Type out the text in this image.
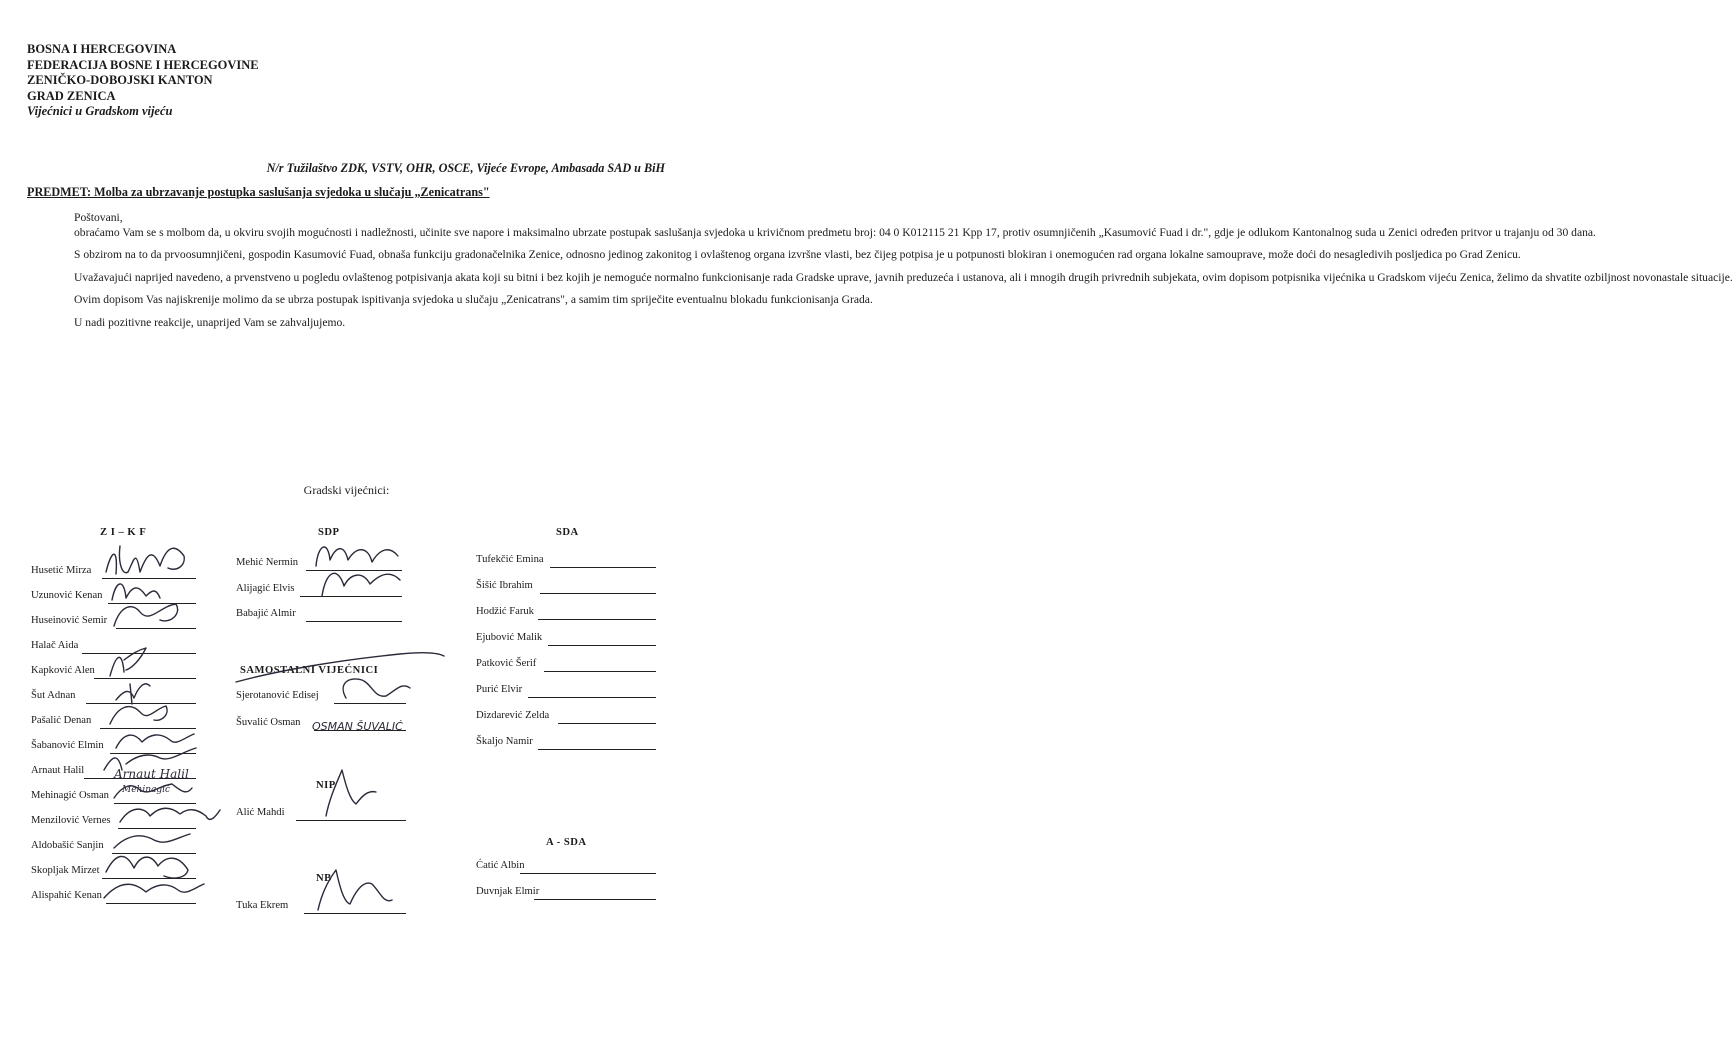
BOSNA I HERCEGOVINA
FEDERACIJA BOSNE I HERCEGOVINE
ZENIČKO-DOBOJSKI KANTON
GRAD ZENICA
Vijećnici u Gradskom vijeću
N/r Tužilaštvo ZDK, VSTV, OHR, OSCE, Vijeće Evrope, Ambasada SAD u BiH
PREDMET: Molba za ubrzavanje postupka saslušanja svjedoka u slučaju „Zenicatrans"

Poštovani,

obraćamo Vam se s molbom da, u okviru svojih mogućnosti i nadležnosti, učinite sve napore i maksimalno ubrzate postupak saslušanja svjedoka u krivičnom predmetu broj: 04 0 K012115 21 Kpp 17, protiv osumnjičenih „Kasumović Fuad i dr.", gdje je odlukom Kantonalnog suda u Zenici određen pritvor u trajanju od 30 dana.

S obzirom na to da prvoosumnjičeni, gospodin Kasumović Fuad, obnaša funkciju gradonačelnika Zenice, odnosno jedinog zakonitog i ovlaštenog organa izvršne vlasti, bez čijeg potpisa je u potpunosti blokiran i onemogućen rad organa lokalne samouprave, može doći do nesagledivih posljedica po Grad Zenicu.

Uvažavajući naprijed navedeno, a prvenstveno u pogledu ovlaštenog potpisivanja akata koji su bitni i bez kojih je nemoguće normalno funkcionisanje rada Gradske uprave, javnih preduzeća i ustanova, ali i mnogih drugih privrednih subjekata, ovim dopisom potpisnika vijećnika u Gradskom vijeću Zenica, želimo da shvatite ozbiljnost novonastale situacije.

Ovim dopisom Vas najiskrenije molimo da se ubrza postupak ispitivanja svjedoka u slučaju „Zenicatrans", a samim tim spriječite eventualnu blokadu funkcionisanja Grada.

U nadi pozitivne reakcije, unaprijed Vam se zahvaljujemo.

Gradski vijećnici:
Z I – K F
Husetić Mirza
Uzunović Kenan
Huseinović Semir
Halač Aida
Kapković Alen
Šut Adnan
Pašalić Denan
Šabanović Elmin
Arnaut Halil
Mehinagić Osman
Menzilović Vernes
Aldobašić Sanjin
Skopljak Mirzet
Alispahić Kenan
SDP
Mehić Nermin
Alijagić Elvis
Babajić Almir
SAMOSTALNI VIJEĆNICI
Sjerotanović Edisej
Šuvalić Osman
NIP
Alić Mahdi
NB
Tuka Ekrem
SDA
Tufekčić Emina
Šišić Ibrahim
Hodžić Faruk
Ejubović Malik
Patković Šerif
Purić Elvir
Dizdarević Zelda
Škaljo Namir
A - SDA
Ćatić Albin
Duvnjak Elmir
OSMAN ŠUVALIĆ
Arnaut Halil
Mehinagić
